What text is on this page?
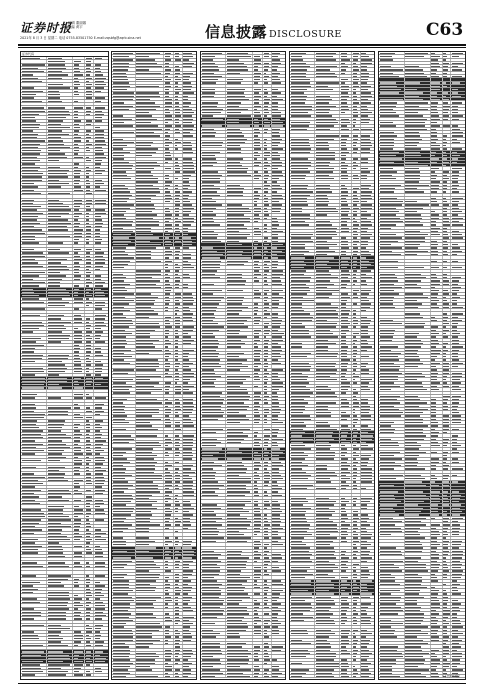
证券时报
编辑 董丽娜
美编 黄宇
2021年 8 月 3 日 星期二 电话 0755-83501750 E-mail:zqsbfg@zqrb.sina.net	信息披露 DISCLOSURE	C63
证券代码
（下转C64版）
